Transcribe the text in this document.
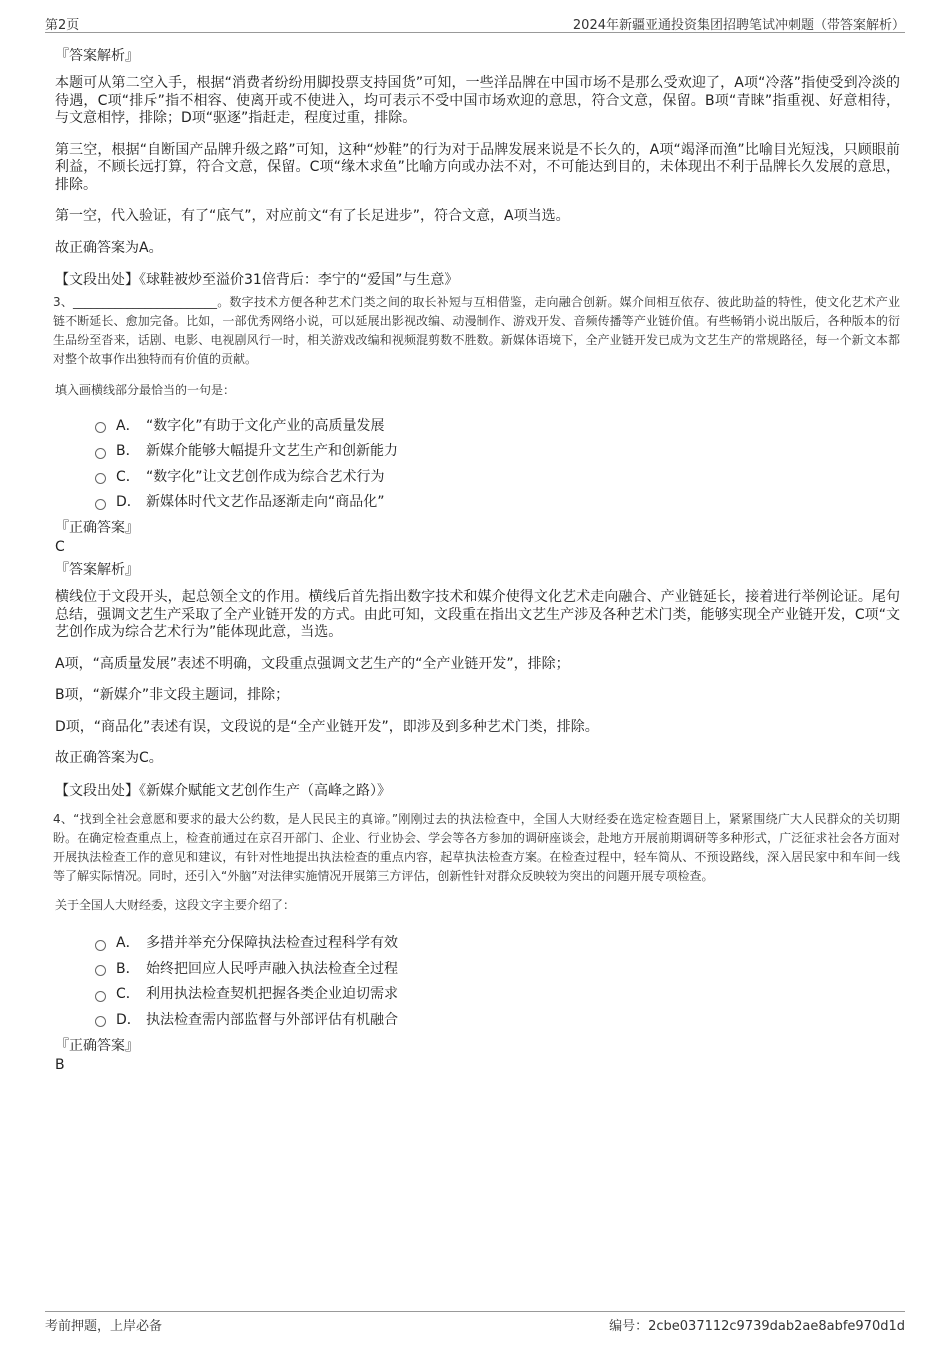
第2页	2024年新疆亚通投资集团招聘笔试冲刺题（带答案解析）

『答案解析』

本题可从第二空入手，根据“消费者纷纷用脚投票支持国货”可知，一些洋品牌在中国市场不是那么受欢迎了，A项“冷落”指使受到冷淡的待遇，C项“排斥”指不相容、使离开或不使进入，均可表示不受中国市场欢迎的意思，符合文意，保留。B项“青睐”指重视、好意相待，与文意相悖，排除；D项“驱逐”指赶走，程度过重，排除。

第三空，根据“自断国产品牌升级之路”可知，这种“炒鞋”的行为对于品牌发展来说是不长久的，A项“竭泽而渔”比喻目光短浅，只顾眼前利益，不顾长远打算，符合文意，保留。C项“缘木求鱼”比喻方向或办法不对，不可能达到目的，未体现出不利于品牌长久发展的意思，排除。

第一空，代入验证，有了“底气”，对应前文“有了长足进步”，符合文意，A项当选。

故正确答案为A。

【文段出处】《球鞋被炒至溢价31倍背后：李宁的“爱国”与生意》

3、________________________。数字技术方便各种艺术门类之间的取长补短与互相借鉴，走向融合创新。媒介间相互依存、彼此助益的特性，使文化艺术产业链不断延长、愈加完备。比如，一部优秀网络小说，可以延展出影视改编、动漫制作、游戏开发、音频传播等产业链价值。有些畅销小说出版后，各种版本的衍生品纷至沓来，话剧、电影、电视剧风行一时，相关游戏改编和视频混剪数不胜数。新媒体语境下，全产业链开发已成为文艺生产的常规路径，每一个新文本都对整个故事作出独特而有价值的贡献。

填入画横线部分最恰当的一句是：

A． “数字化”有助于文化产业的高质量发展
B． 新媒介能够大幅提升文艺生产和创新能力
C． “数字化”让文艺创作成为综合艺术行为
D． 新媒体时代文艺作品逐渐走向“商品化”

『正确答案』

C

『答案解析』

横线位于文段开头，起总领全文的作用。横线后首先指出数字技术和媒介使得文化艺术走向融合、产业链延长，接着进行举例论证。尾句总结，强调文艺生产采取了全产业链开发的方式。由此可知，文段重在指出文艺生产涉及各种艺术门类，能够实现全产业链开发，C项“文艺创作成为综合艺术行为”能体现此意，当选。

A项，“高质量发展”表述不明确，文段重点强调文艺生产的“全产业链开发”，排除；

B项，“新媒介”非文段主题词，排除；

D项，“商品化”表述有误，文段说的是“全产业链开发”，即涉及到多种艺术门类，排除。

故正确答案为C。

【文段出处】《新媒介赋能文艺创作生产（高峰之路）》

4、“找到全社会意愿和要求的最大公约数，是人民民主的真谛。”刚刚过去的执法检查中，全国人大财经委在选定检查题目上，紧紧围绕广大人民群众的关切期盼。在确定检查重点上，检查前通过在京召开部门、企业、行业协会、学会等各方参加的调研座谈会，赴地方开展前期调研等多种形式，广泛征求社会各方面对开展执法检查工作的意见和建议，有针对性地提出执法检查的重点内容，起草执法检查方案。在检查过程中，轻车简从、不预设路线，深入居民家中和车间一线等了解实际情况。同时，还引入“外脑”对法律实施情况开展第三方评估，创新性针对群众反映较为突出的问题开展专项检查。

关于全国人大财经委，这段文字主要介绍了：

A． 多措并举充分保障执法检查过程科学有效
B． 始终把回应人民呼声融入执法检查全过程
C． 利用执法检查契机把握各类企业迫切需求
D． 执法检查需内部监督与外部评估有机融合

『正确答案』

B

考前押题，上岸必备	编号：2cbe037112c9739dab2ae8abfe970d1d
